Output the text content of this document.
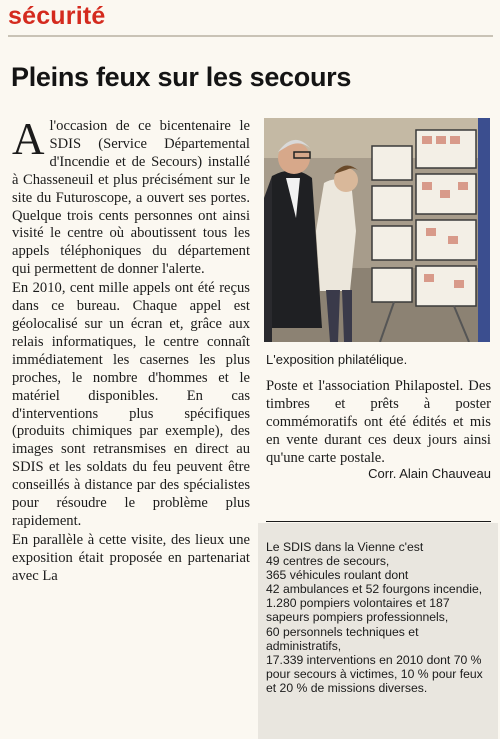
sécurité
Pleins feux sur les secours

Al'occasion de ce bicentenaire le SDIS (Service Départemental d'Incendie et de Secours) installé à Chasseneuil et plus précisément sur le site du Futuroscope, a ouvert ses portes. Quelque trois cents personnes ont ainsi visité le centre où aboutissent tous les appels téléphoniques du département qui permettent de donner l'alerte.

En 2010, cent mille appels ont été reçus dans ce bureau. Chaque appel est géolocalisé sur un écran et, grâce aux relais informatiques, le centre connaît immédiatement les casernes les plus proches, le nombre d'hommes et le matériel disponibles. En cas d'interventions plus spécifiques (produits chimiques par exemple), des images sont retransmises en direct au SDIS et les soldats du feu peuvent être conseillés à distance par des spécialistes pour résoudre le problème plus rapidement.

En parallèle à cette visite, des lieux une exposition était proposée en partenariat avec La

L'exposition philatélique.

Poste et l'association Philapostel. Des timbres et prêts à poster commémoratifs ont été édités et mis en vente durant ces deux jours ainsi qu'une carte postale.

Corr. Alain Chauveau

Le SDIS dans la Vienne c'est

49 centres de secours,

365 véhicules roulant dont

42 ambulances et 52 fourgons incendie, 1.280 pompiers volontaires et 187 sapeurs pompiers professionnels,

60 personnels techniques et administratifs,

17.339 interventions en 2010 dont 70 % pour secours à victimes, 10 % pour feux et 20 % de missions diverses.
